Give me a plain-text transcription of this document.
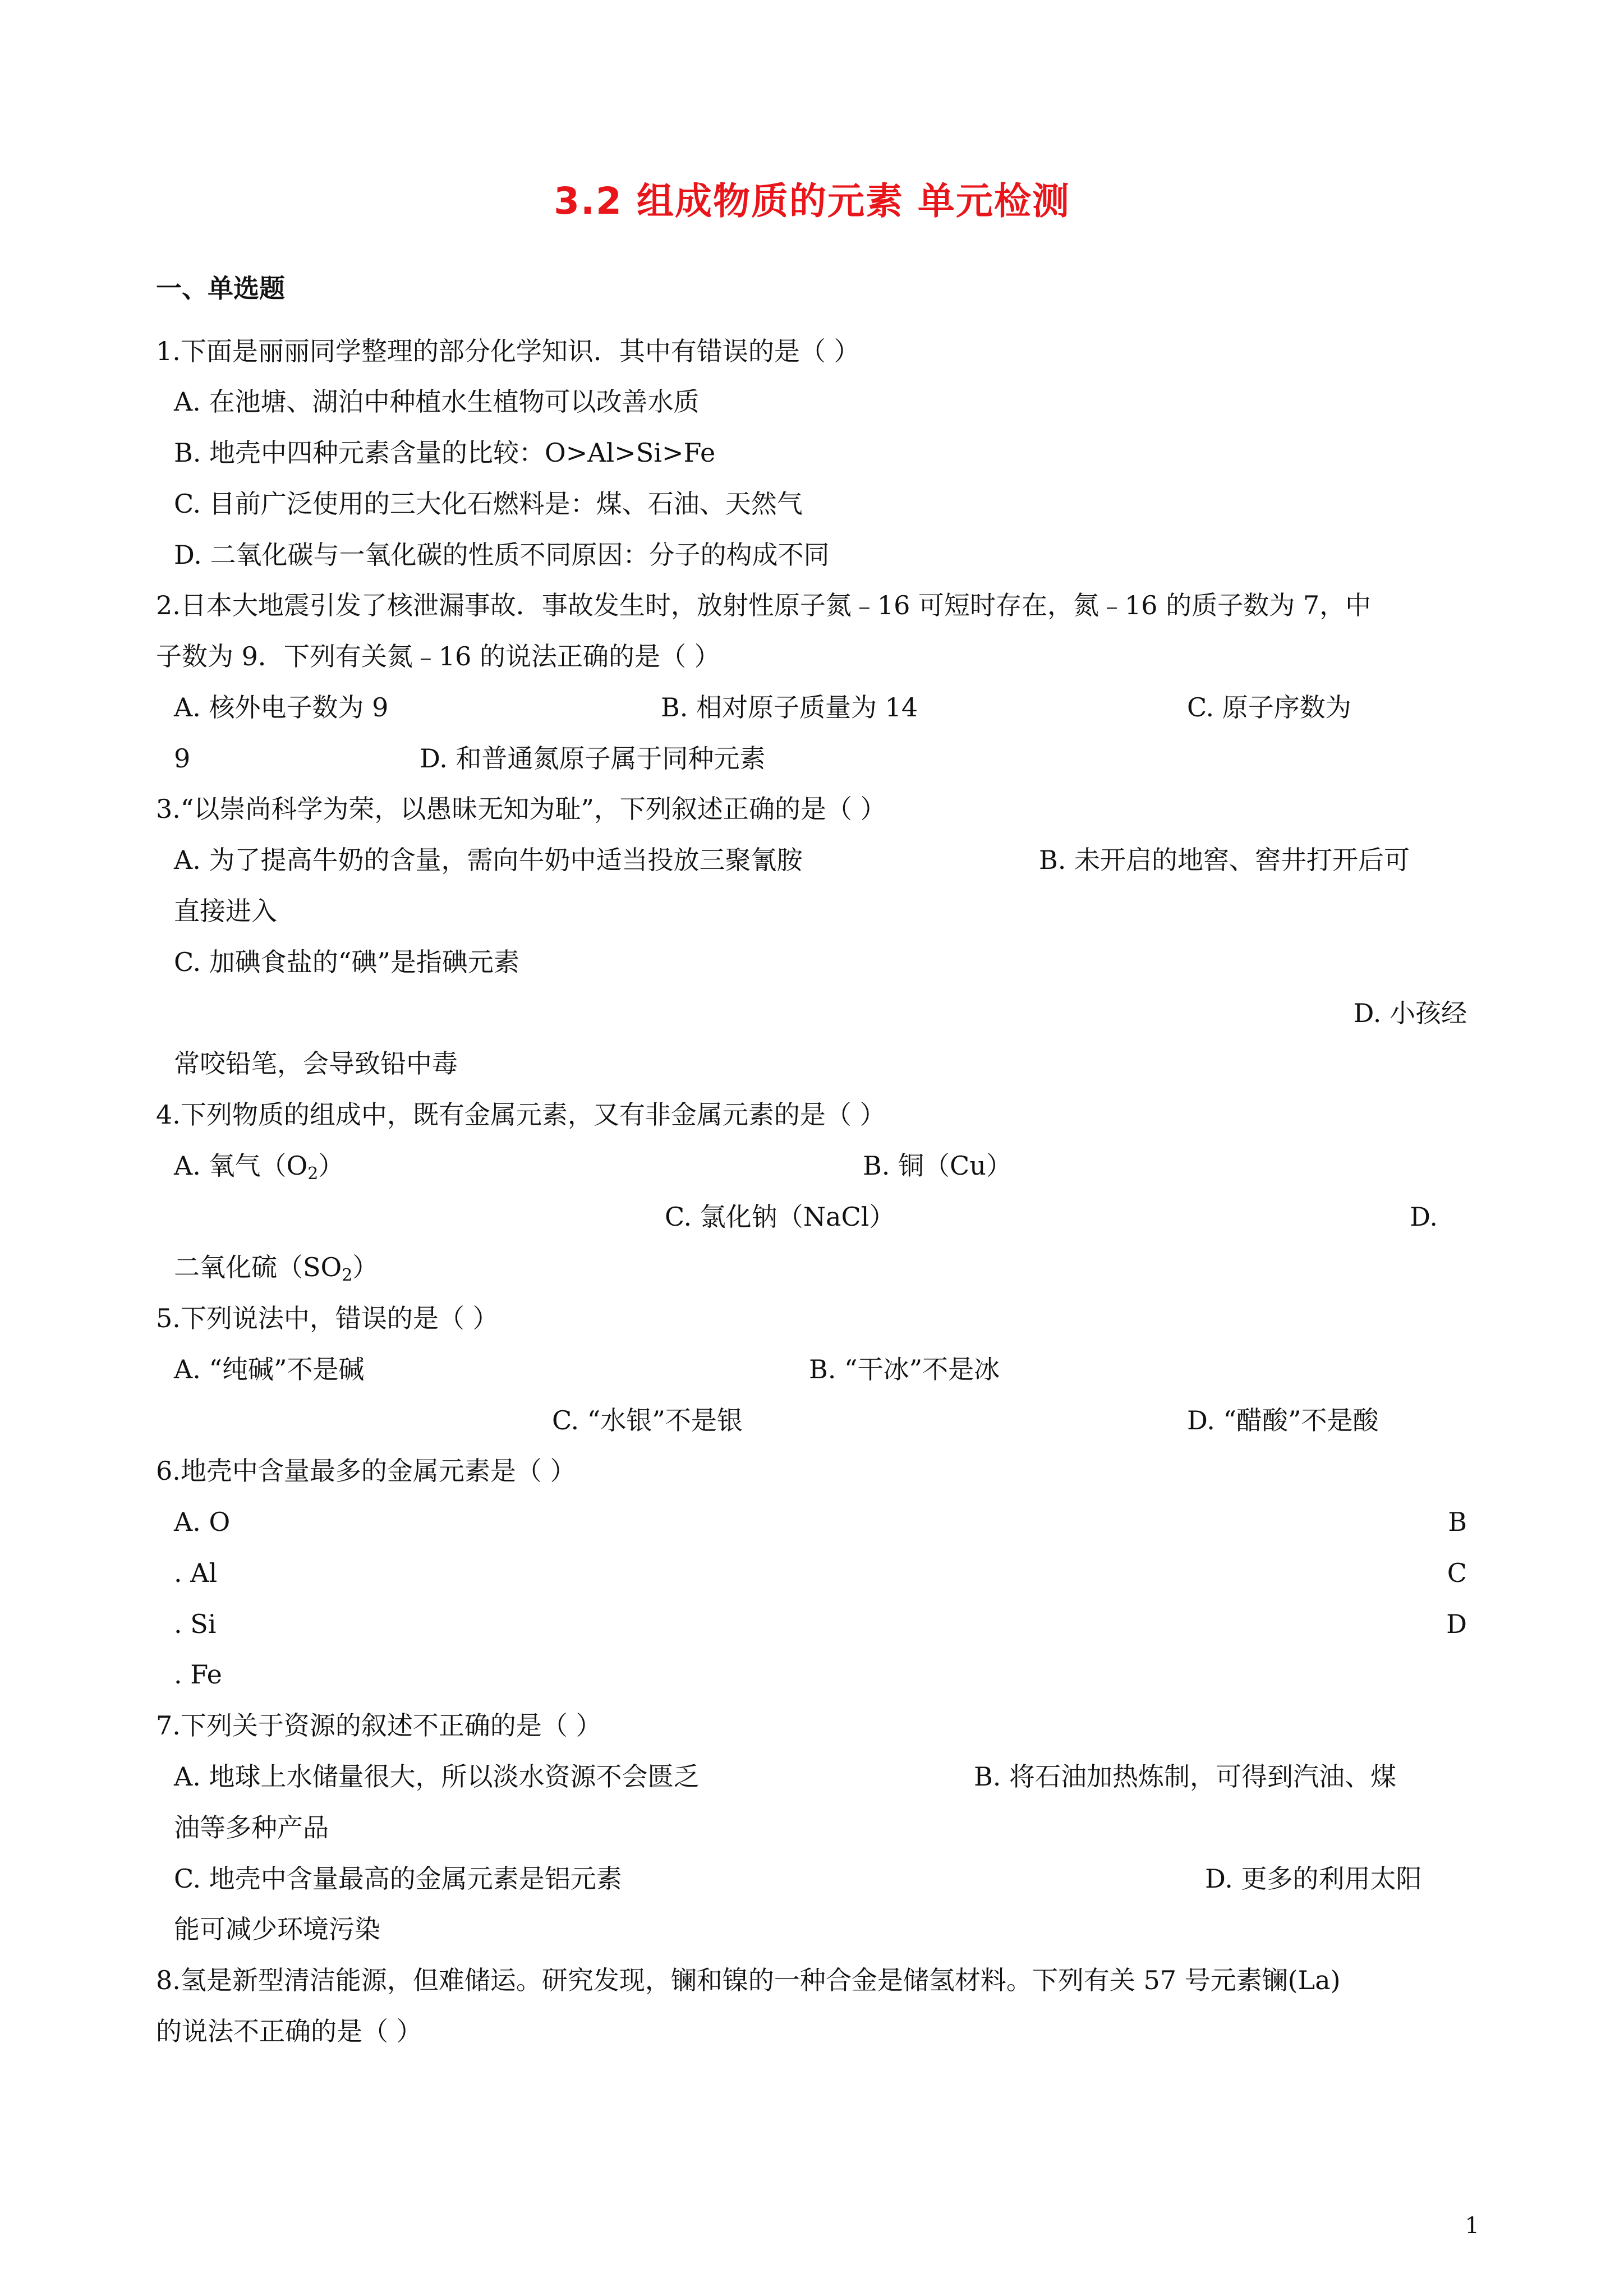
3.2 组成物质的元素 单元检测
一、单选题
1.下面是丽丽同学整理的部分化学知识．其中有错误的是（ ）
A. 在池塘、湖泊中种植水生植物可以改善水质
B. 地壳中四种元素含量的比较：O>Al>Si>Fe
C. 目前广泛使用的三大化石燃料是：煤、石油、天然气
D. 二氧化碳与一氧化碳的性质不同原因：分子的构成不同
2.日本大地震引发了核泄漏事故．事故发生时，放射性原子氮﹣16 可短时存在，氮﹣16 的质子数为 7，中
子数为 9．下列有关氮﹣16 的说法正确的是（ ）
A. 核外电子数为 9	B. 相对原子质量为 14	C. 原子序数为
9	D. 和普通氮原子属于同种元素
3.“以崇尚科学为荣，以愚昧无知为耻”，下列叙述正确的是（ ）
A. 为了提高牛奶的含量，需向牛奶中适当投放三聚氰胺	B. 未开启的地窖、窖井打开后可
直接进入
C. 加碘食盐的“碘”是指碘元素
D. 小孩经
常咬铅笔，会导致铅中毒
4.下列物质的组成中，既有金属元素，又有非金属元素的是（ ）
A. 氧气$(O_2)$	B. 铜（Cu）
C. 氯化钠（NaCl）	D.
二氧化硫$(SO_2)$
5.下列说法中，错误的是（ ）
A. “纯碱”不是碱	B. “干冰”不是冰
C. “水银”不是银	D. “醋酸”不是酸
6.地壳中含量最多的金属元素是（ ）
A. O	B
. Al	C
. Si	D
. Fe
7.下列关于资源的叙述不正确的是（ ）
A. 地球上水储量很大，所以淡水资源不会匮乏	B. 将石油加热炼制，可得到汽油、煤
油等多种产品
C. 地壳中含量最高的金属元素是铝元素	D. 更多的利用太阳
能可减少环境污染
8.氢是新型清洁能源，但难储运。研究发现，镧和镍的一种合金是储氢材料。下列有关 57 号元素镧(La)
的说法不正确的是（ ）
1
